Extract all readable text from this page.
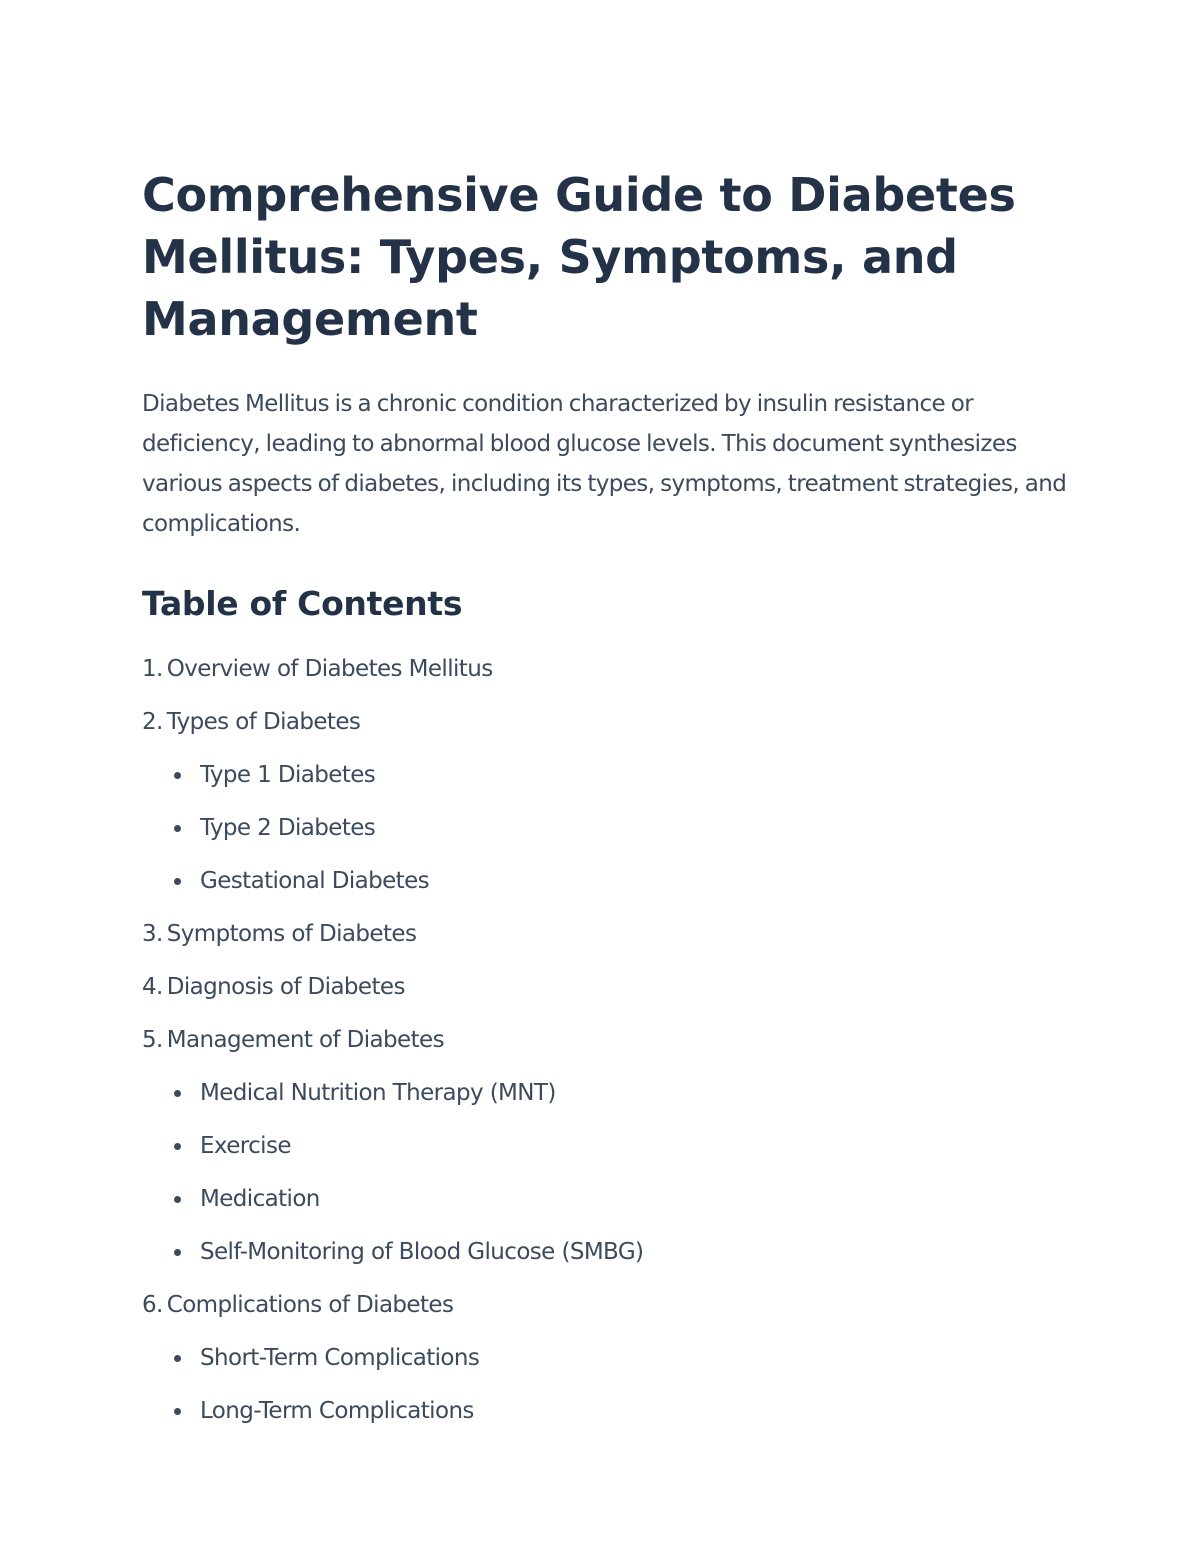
Comprehensive Guide to Diabetes Mellitus: Types, Symptoms, and Management

Diabetes Mellitus is a chronic condition characterized by insulin resistance or deficiency, leading to abnormal blood glucose levels. This document synthesizes various aspects of diabetes, including its types, symptoms, treatment strategies, and complications.

Table of Contents
1. Overview of Diabetes Mellitus
2. Types of Diabetes
Type 1 Diabetes
Type 2 Diabetes
Gestational Diabetes
3. Symptoms of Diabetes
4. Diagnosis of Diabetes
5. Management of Diabetes
Medical Nutrition Therapy (MNT)
Exercise
Medication
Self-Monitoring of Blood Glucose (SMBG)
6. Complications of Diabetes
Short-Term Complications
Long-Term Complications
